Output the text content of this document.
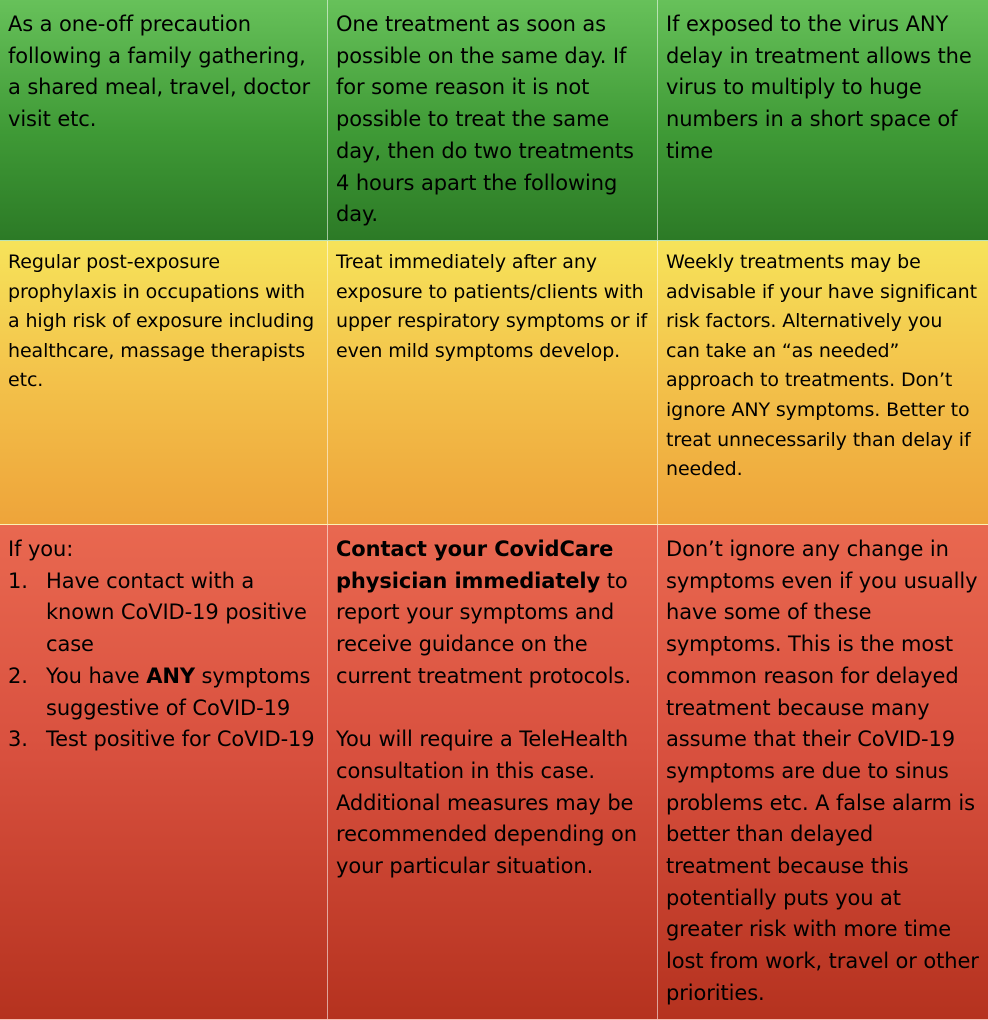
As a one-off precaution following a family gathering, a shared meal, travel, doctor visit etc.

One treatment as soon as possible on the same day. If for some reason it is not possible to treat the same day, then do two treatments 4 hours apart the following day.

If exposed to the virus ANY delay in treatment allows the virus to multiply to huge numbers in a short space of time

Regular post-exposure prophylaxis in occupations with a high risk of exposure including healthcare, massage therapists etc.

Treat immediately after any exposure to patients/clients with upper respiratory symptoms or if even mild symptoms develop.

Weekly treatments may be advisable if your have significant risk factors. Alternatively you can take an “as needed” approach to treatments. Don’t ignore ANY symptoms. Better to treat unnecessarily than delay if needed.

If you:

1. Have contact with a known CoVID-19 positive case
2. You have ANY symptoms suggestive of CoVID-19
3. Test positive for CoVID-19

Contact your CovidCare physician immediately to report your symptoms and receive guidance on the current treatment protocols.

You will require a TeleHealth consultation in this case. Additional measures may be recommended depending on your particular situation.

Don’t ignore any change in symptoms even if you usually have some of these symptoms. This is the most common reason for delayed treatment because many assume that their CoVID-19 symptoms are due to sinus problems etc. A false alarm is better than delayed treatment because this potentially puts you at greater risk with more time lost from work, travel or other priorities.
